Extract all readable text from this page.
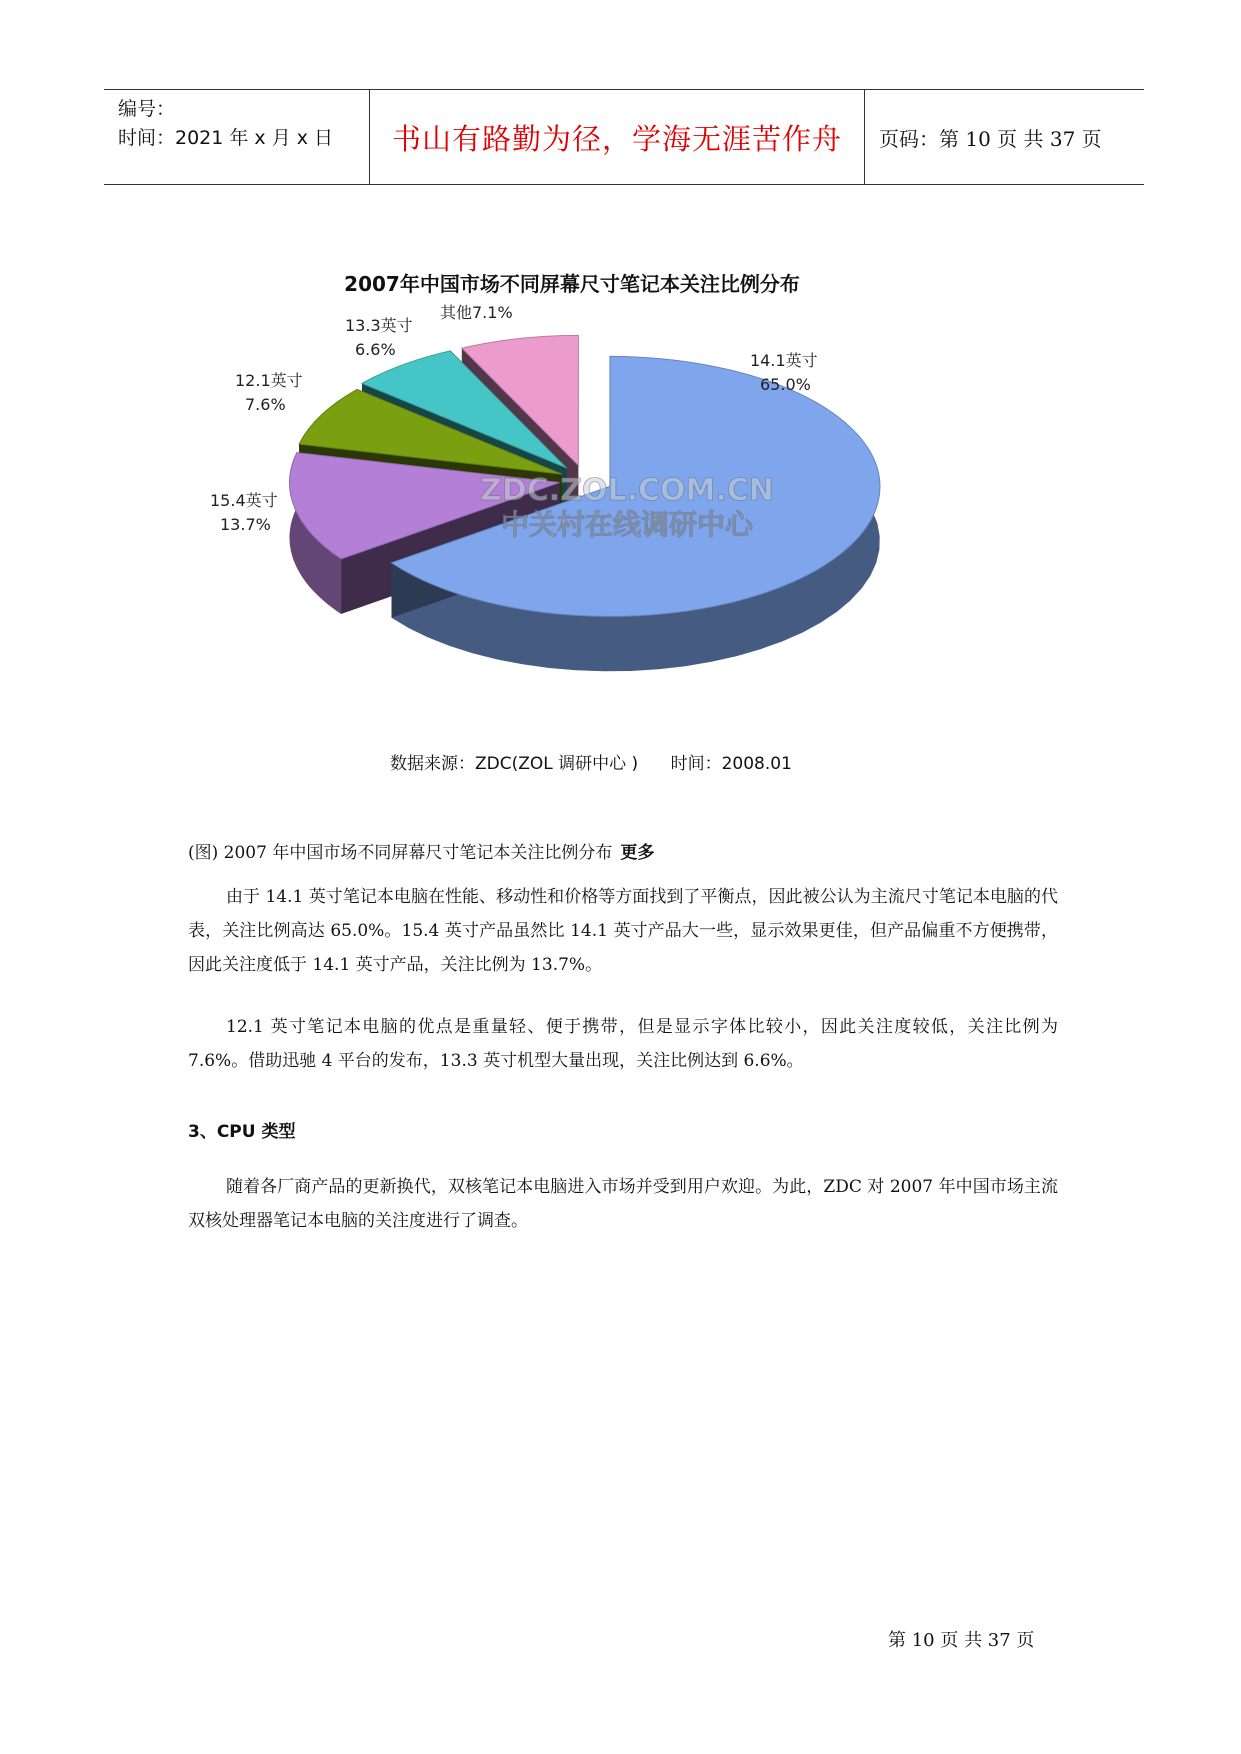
编号：
时间：2021 年 x 月 x 日 书山有路勤为径，学海无涯苦作舟 页码：第 10 页 共 37 页
2007年中国市场不同屏幕尺寸笔记本关注比例分布
ZDC.ZOL.COM.CN
中关村在线调研中心
14.1英寸
65.0%
15.4英寸
13.7%
12.1英寸
7.6%
13.3英寸
6.6%
其他7.1%
数据来源：ZDC(ZOL 调研中心 )      时间：2008.01
(图) 2007 年中国市场不同屏幕尺寸笔记本关注比例分布 更多

由于 14.1 英寸笔记本电脑在性能、移动性和价格等方面找到了平衡点，因此被公认为主流尺寸笔记本电脑的代表，关注比例高达 65.0%。15.4 英寸产品虽然比 14.1 英寸产品大一些，显示效果更佳，但产品偏重不方便携带，因此关注度低于 14.1 英寸产品，关注比例为 13.7%。

12.1 英寸笔记本电脑的优点是重量轻、便于携带，但是显示字体比较小，因此关注度较低，关注比例为 7.6%。借助迅驰 4 平台的发布，13.3 英寸机型大量出现，关注比例达到 6.6%。

3、CPU 类型

随着各厂商产品的更新换代，双核笔记本电脑进入市场并受到用户欢迎。为此，ZDC 对 2007 年中国市场主流双核处理器笔记本电脑的关注度进行了调查。

第 10 页 共 37 页
